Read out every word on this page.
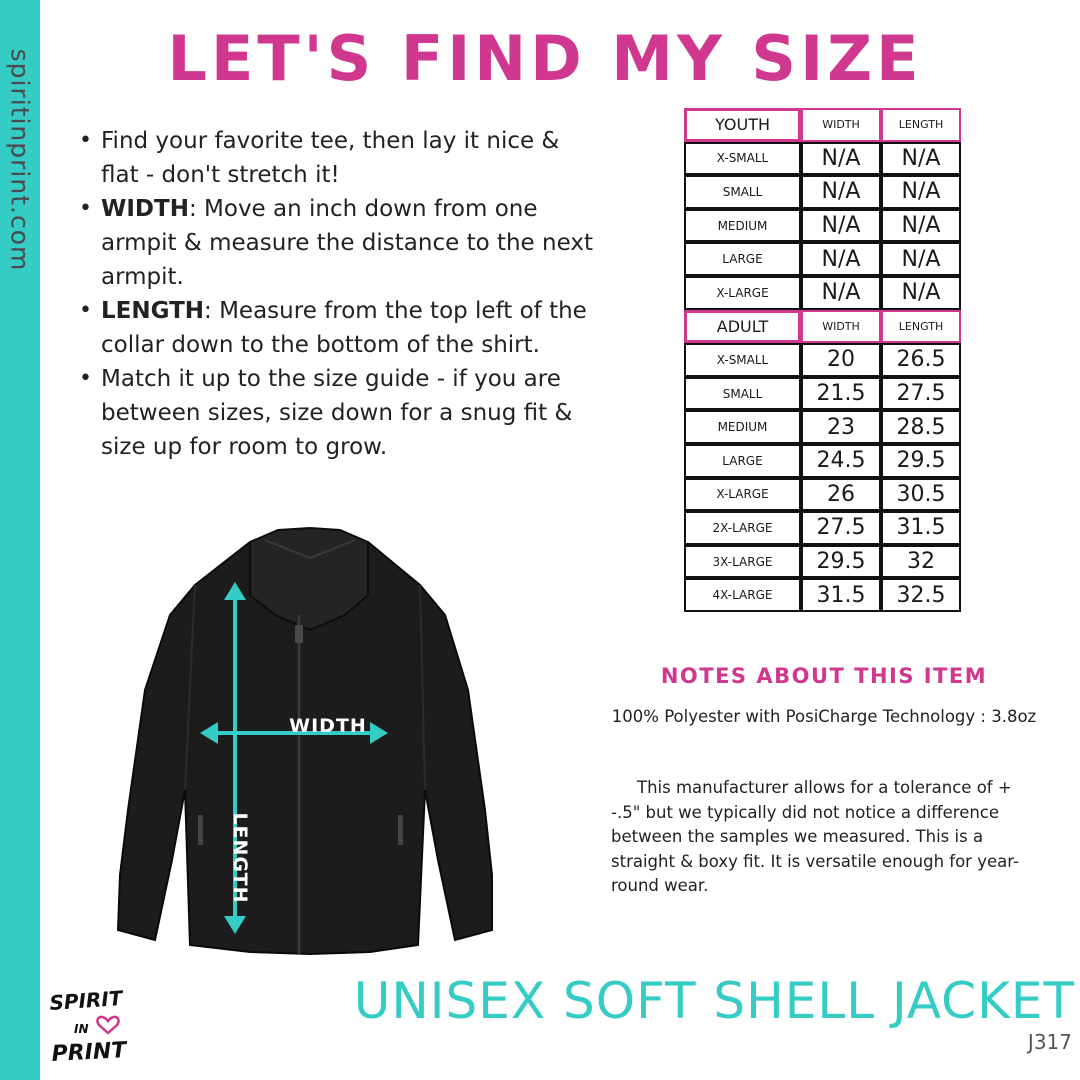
spiritinprint.com	LET'S FIND MY SIZE
• Find your favorite tee, then lay it nice & flat - don't stretch it!
• WIDTH: Move an inch down from one armpit & measure the distance to the next armpit.
• LENGTH: Measure from the top left of the collar down to the bottom of the shirt.
• Match it up to the size guide - if you are between sizes, size down for a snug fit & size up for room to grow.
YOUTH	WIDTH	LENGTH
X-SMALL	N/A	N/A
SMALL	N/A	N/A
MEDIUM	N/A	N/A
LARGE	N/A	N/A
X-LARGE	N/A	N/A
ADULT	WIDTH	LENGTH
X-SMALL	20	26.5
SMALL	21.5	27.5
MEDIUM	23	28.5
LARGE	24.5	29.5
X-LARGE	26	30.5
2X-LARGE	27.5	31.5
3X-LARGE	29.5	32
4X-LARGE	31.5	32.5
WIDTH
LENGTH
NOTES ABOUT THIS ITEM
100% Polyester with PosiCharge Technology : 3.8oz
This manufacturer allows for a tolerance of + -.5" but we typically did not notice a difference between the samples we measured. This is a straight & boxy fit. It is versatile enough for year-round wear.
UNISEX SOFT SHELL JACKET
J317
SPIRIT
IN
PRINT
